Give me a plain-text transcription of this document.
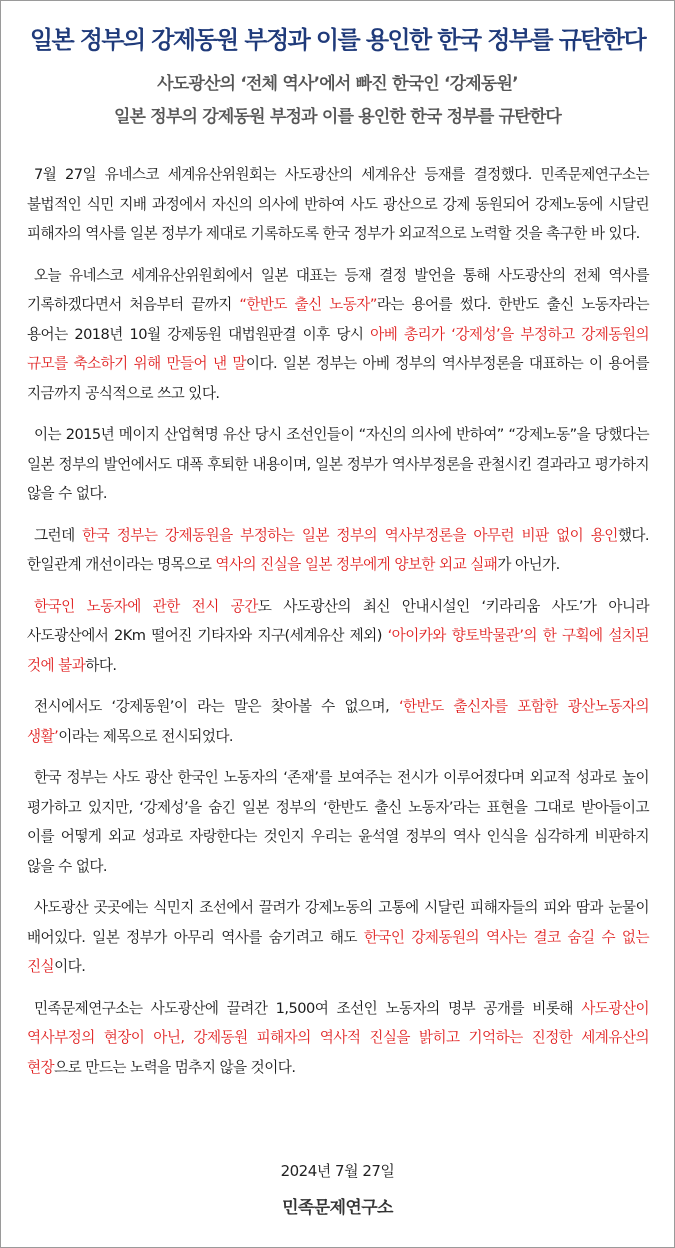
일본 정부의 강제동원 부정과 이를 용인한 한국 정부를 규탄한다
사도광산의 ‘전체 역사’에서 빠진 한국인 ‘강제동원’
일본 정부의 강제동원 부정과 이를 용인한 한국 정부를 규탄한다

7월 27일 유네스코 세계유산위원회는 사도광산의 세계유산 등재를 결정했다. 민족문제연구소는 불법적인 식민 지배 과정에서 자신의 의사에 반하여 사도 광산으로 강제 동원되어 강제노동에 시달린 피해자의 역사를 일본 정부가 제대로 기록하도록 한국 정부가 외교적으로 노력할 것을 촉구한 바 있다.

오늘 유네스코 세계유산위원회에서 일본 대표는 등재 결정 발언을 통해 사도광산의 전체 역사를 기록하겠다면서 처음부터 끝까지 “한반도 출신 노동자”라는 용어를 썼다. 한반도 출신 노동자라는 용어는 2018년 10월 강제동원 대법원판결 이후 당시 아베 총리가 ‘강제성’을 부정하고 강제동원의 규모를 축소하기 위해 만들어 낸 말이다. 일본 정부는 아베 정부의 역사부정론을 대표하는 이 용어를 지금까지 공식적으로 쓰고 있다.

이는 2015년 메이지 산업혁명 유산 당시 조선인들이 “자신의 의사에 반하여” “강제노동”을 당했다는 일본 정부의 발언에서도 대폭 후퇴한 내용이며, 일본 정부가 역사부정론을 관철시킨 결과라고 평가하지 않을 수 없다.

그런데 한국 정부는 강제동원을 부정하는 일본 정부의 역사부정론을 아무런 비판 없이 용인했다. 한일관계 개선이라는 명목으로 역사의 진실을 일본 정부에게 양보한 외교 실패가 아닌가.

한국인 노동자에 관한 전시 공간도 사도광산의 최신 안내시설인 ‘키라리움 사도’가 아니라 사도광산에서 2Km 떨어진 기타자와 지구(세계유산 제외) ‘아이카와 향토박물관’의 한 구획에 설치된 것에 불과하다.

전시에서도 ‘강제동원’이 라는 말은 찾아볼 수 없으며, ‘한반도 출신자를 포함한 광산노동자의 생활’이라는 제목으로 전시되었다.

한국 정부는 사도 광산 한국인 노동자의 ‘존재’를 보여주는 전시가 이루어졌다며 외교적 성과로 높이 평가하고 있지만, ‘강제성’을 숨긴 일본 정부의 ‘한반도 출신 노동자’라는 표현을 그대로 받아들이고 이를 어떻게 외교 성과로 자랑한다는 것인지 우리는 윤석열 정부의 역사 인식을 심각하게 비판하지 않을 수 없다.

사도광산 곳곳에는 식민지 조선에서 끌려가 강제노동의 고통에 시달린 피해자들의 피와 땀과 눈물이 배어있다. 일본 정부가 아무리 역사를 숨기려고 해도 한국인 강제동원의 역사는 결코 숨길 수 없는 진실이다.

민족문제연구소는 사도광산에 끌려간 1,500여 조선인 노동자의 명부 공개를 비롯해 사도광산이 역사부정의 현장이 아닌, 강제동원 피해자의 역사적 진실을 밝히고 기억하는 진정한 세계유산의 현장으로 만드는 노력을 멈추지 않을 것이다.

2024년 7월 27일
민족문제연구소
